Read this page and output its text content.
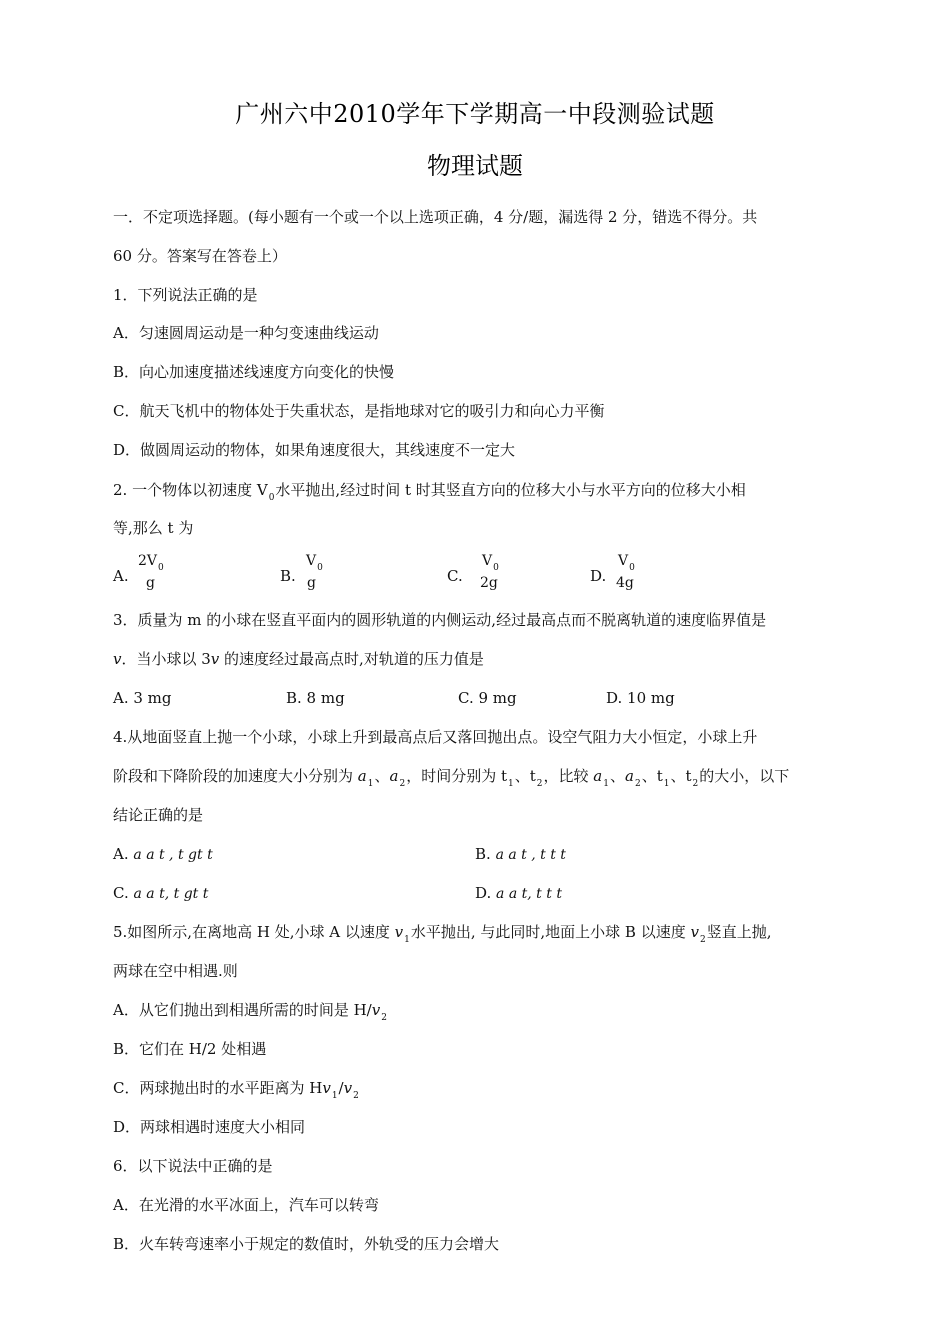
广州六中2010学年下学期高一中段测验试题
物理试题
一．不定项选择题。(每小题有一个或一个以上选项正确，4 分/题，漏选得 2 分，错选不得分。共
60 分。答案写在答卷上）
1．下列说法正确的是
A．匀速圆周运动是一种匀变速曲线运动
B．向心加速度描述线速度方向变化的快慢
C．航天飞机中的物体处于失重状态，是指地球对它的吸引力和向心力平衡
D．做圆周运动的物体，如果角速度很大，其线速度不一定大
2. 一个物体以初速度 $V_0$水平抛出,经过时间 t 时其竖直方向的位移大小与水平方向的位移大小相
等,那么 t 为
A.
$2V_0$
g	B.
$V_0$
g	C.
$V_0$
2g	D.
$V_0$
4g
3．质量为 m 的小球在竖直平面内的圆形轨道的内侧运动,经过最高点而不脱离轨道的速度临界值是
v．当小球以 3v 的速度经过最高点时,对轨道的压力值是
A. 3 mg	B. 8 mg	C. 9 mg	D. 10 mg
4.从地面竖直上抛一个小球，小球上升到最高点后又落回抛出点。设空气阻力大小恒定，小球上升
阶段和下降阶段的加速度大小分别为 $a_1$、$a_2$，时间分别为 $t_1$、$t_2$，比较 $a_1$、$a_2$、$t_1$、$t_2$的大小，以下
结论正确的是
A. a a t , t gt t	B. a a t , t t t
C. a a t, t gt t	D. a a t, t t t
5.如图所示,在离地高 H 处,小球 A 以速度 $v_1$水平抛出, 与此同时,地面上小球 B 以速度 $v_2$竖直上抛,
两球在空中相遇.则
A．从它们抛出到相遇所需的时间是 $H/v_2$
B．它们在 H/2 处相遇
C．两球抛出时的水平距离为 $Hv_1/v_2$
D．两球相遇时速度大小相同
6．以下说法中正确的是
A．在光滑的水平冰面上，汽车可以转弯
B．火车转弯速率小于规定的数值时，外轨受的压力会增大
